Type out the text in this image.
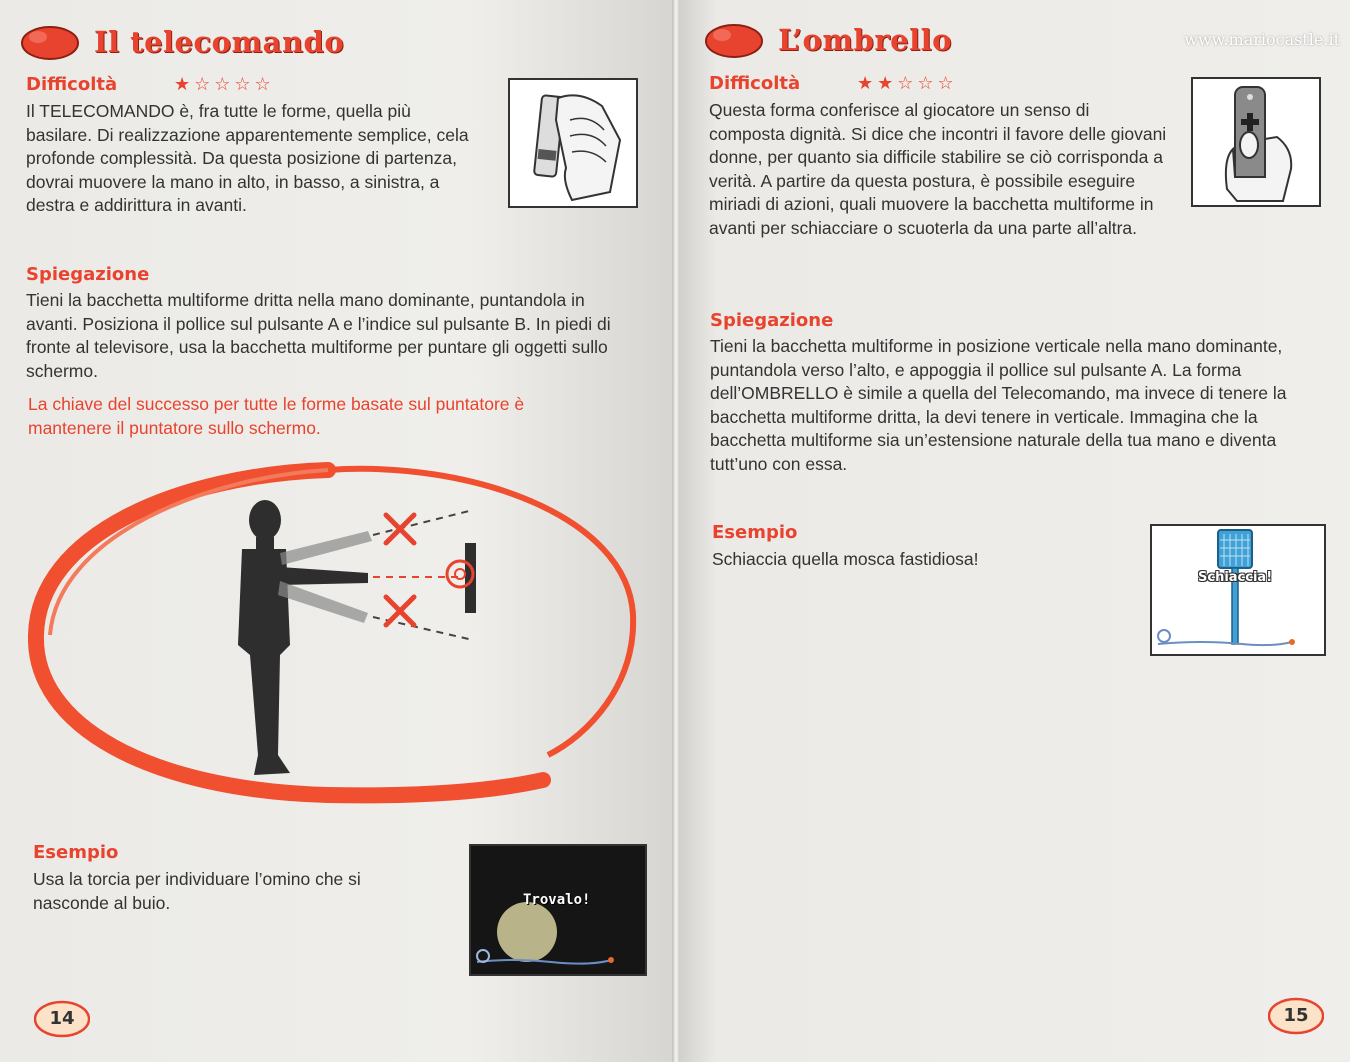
www.mariocastle.it
Il telecomando
Difficoltà	★☆☆☆☆

Il TELECOMANDO è, fra tutte le forme, quella più basilare. Di realizzazione apparentemente semplice, cela profonde complessità. Da questa posizione di partenza, dovrai muovere la mano in alto, in basso, a sinistra, a destra e addirittura in avanti.

Spiegazione

Tieni la bacchetta multiforme dritta nella mano dominante, puntandola in avanti. Posiziona il pollice sul pulsante A e l’indice sul pulsante B. In piedi di fronte al televisore, usa la bacchetta multiforme per puntare gli oggetti sullo schermo.

La chiave del successo per tutte le forme basate sul puntatore è mantenere il puntatore sullo schermo.

Esempio

Usa la torcia per individuare l’omino che si nasconde al buio.	Trovalo!
14
L’ombrello
Difficoltà	★★☆☆☆

Questa forma conferisce al giocatore un senso di composta dignità. Si dice che incontri il favore delle giovani donne, per quanto sia difficile stabilire se ciò corrisponda a verità. A partire da questa postura, è possibile eseguire miriadi di azioni, quali muovere la bacchetta multiforme in avanti per schiacciare o scuoterla da una parte all’altra.

Spiegazione

Tieni la bacchetta multiforme in posizione verticale nella mano dominante, puntandola verso l’alto, e appoggia il pollice sul pulsante A. La forma dell’OMBRELLO è simile a quella del Telecomando, ma invece di tenere la bacchetta multiforme dritta, la devi tenere in verticale. Immagina che la bacchetta multiforme sia un’estensione naturale della tua mano e diventa tutt’uno con essa.

Esempio

Schiaccia quella mosca fastidiosa!

Schiaccia!
15
